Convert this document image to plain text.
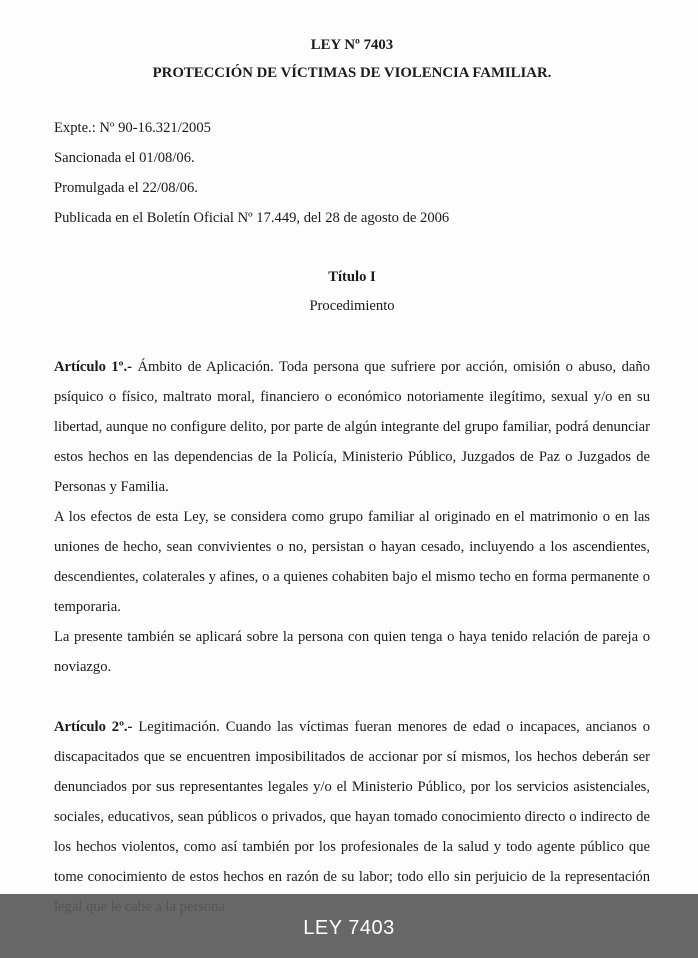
LEY Nº 7403

PROTECCIÓN DE VÍCTIMAS DE VIOLENCIA FAMILIAR.

Expte.: Nº 90-16.321/2005

Sancionada el 01/08/06.

Promulgada el 22/08/06.

Publicada en el Boletín Oficial Nº 17.449, del 28 de agosto de 2006

Título I
Procedimiento

Artículo 1º.- Ámbito de Aplicación. Toda persona que sufriere por acción, omisión o abuso, daño psíquico o físico, maltrato moral, financiero o económico notoriamente ilegítimo, sexual y/o en su libertad, aunque no configure delito, por parte de algún integrante del grupo familiar, podrá denunciar estos hechos en las dependencias de la Policía, Ministerio Público, Juzgados de Paz o Juzgados de Personas y Familia.

A los efectos de esta Ley, se considera como grupo familiar al originado en el matrimonio o en las uniones de hecho, sean convivientes o no, persistan o hayan cesado, incluyendo a los ascendientes, descendientes, colaterales y afines, o a quienes cohabiten bajo el mismo techo en forma permanente o temporaria.

La presente también se aplicará sobre la persona con quien tenga o haya tenido relación de pareja o noviazgo.

Artículo 2º.- Legitimación. Cuando las víctimas fueran menores de edad o incapaces, ancianos o discapacitados que se encuentren imposibilitados de accionar por sí mismos, los hechos deberán ser denunciados por sus representantes legales y/o el Ministerio Público, por los servicios asistenciales, sociales, educativos, sean públicos o privados, que hayan tomado conocimiento directo o indirecto de los hechos violentos, como así también por los profesionales de la salud y todo agente público que tome conocimiento de estos hechos en razón de su labor; todo ello sin perjuicio de la representación

LEY 7403
